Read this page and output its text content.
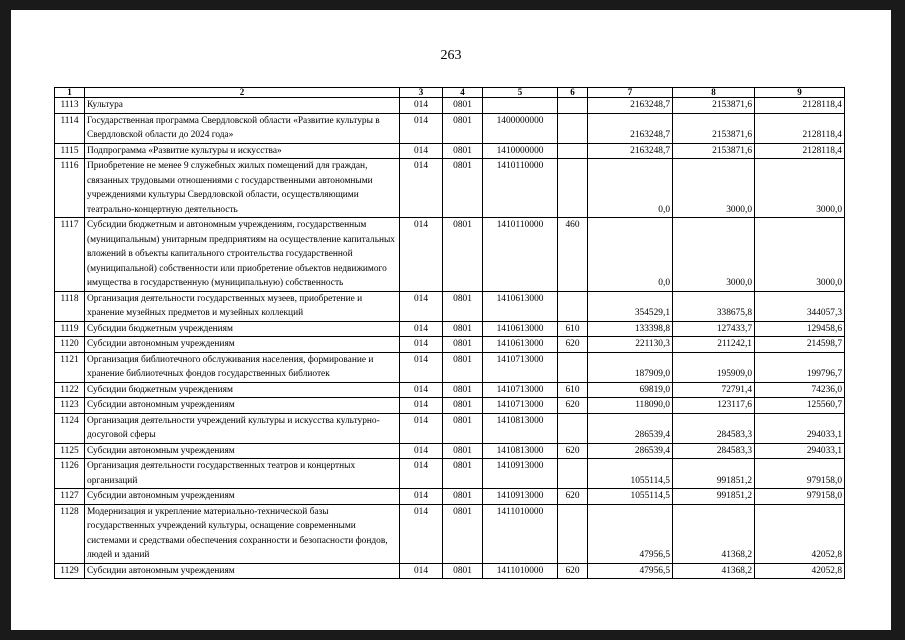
263
1	2	3	4	5	6	7	8	9
1113	Культура	014	0801			2163248,7	2153871,6	2128118,4
1114	Государственная программа Свердловской области «Развитие культуры в Свердловской области до 2024 года»	014	0801	1400000000		2163248,7	2153871,6	2128118,4
1115	Подпрограмма «Развитие культуры и искусства»	014	0801	1410000000		2163248,7	2153871,6	2128118,4
1116	Приобретение не менее 9 служебных жилых помещений для граждан, связанных трудовыми отношениями с государственными автономными учреждениями культуры Свердловской области, осуществляющими театрально-концертную деятельность	014	0801	1410110000		0,0	3000,0	3000,0
1117	Субсидии бюджетным и автономным учреждениям, государственным (муниципальным) унитарным предприятиям на осуществление капитальных вложений в объекты капитального строительства государственной (муниципальной) собственности или приобретение объектов недвижимого имущества в государственную (муниципальную) собственность	014	0801	1410110000	460	0,0	3000,0	3000,0
1118	Организация деятельности государственных музеев, приобретение и хранение музейных предметов и музейных коллекций	014	0801	1410613000		354529,1	338675,8	344057,3
1119	Субсидии бюджетным учреждениям	014	0801	1410613000	610	133398,8	127433,7	129458,6
1120	Субсидии автономным учреждениям	014	0801	1410613000	620	221130,3	211242,1	214598,7
1121	Организация библиотечного обслуживания населения, формирование и хранение библиотечных фондов государственных библиотек	014	0801	1410713000		187909,0	195909,0	199796,7
1122	Субсидии бюджетным учреждениям	014	0801	1410713000	610	69819,0	72791,4	74236,0
1123	Субсидии автономным учреждениям	014	0801	1410713000	620	118090,0	123117,6	125560,7
1124	Организация деятельности учреждений культуры и искусства культурно-досуговой сферы	014	0801	1410813000		286539,4	284583,3	294033,1
1125	Субсидии автономным учреждениям	014	0801	1410813000	620	286539,4	284583,3	294033,1
1126	Организация деятельности государственных театров и концертных организаций	014	0801	1410913000		1055114,5	991851,2	979158,0
1127	Субсидии автономным учреждениям	014	0801	1410913000	620	1055114,5	991851,2	979158,0
1128	Модернизация и укрепление материально-технической базы государственных учреждений культуры, оснащение современными системами и средствами обеспечения сохранности и безопасности фондов, людей и зданий	014	0801	1411010000		47956,5	41368,2	42052,8
1129	Субсидии автономным учреждениям	014	0801	1411010000	620	47956,5	41368,2	42052,8
